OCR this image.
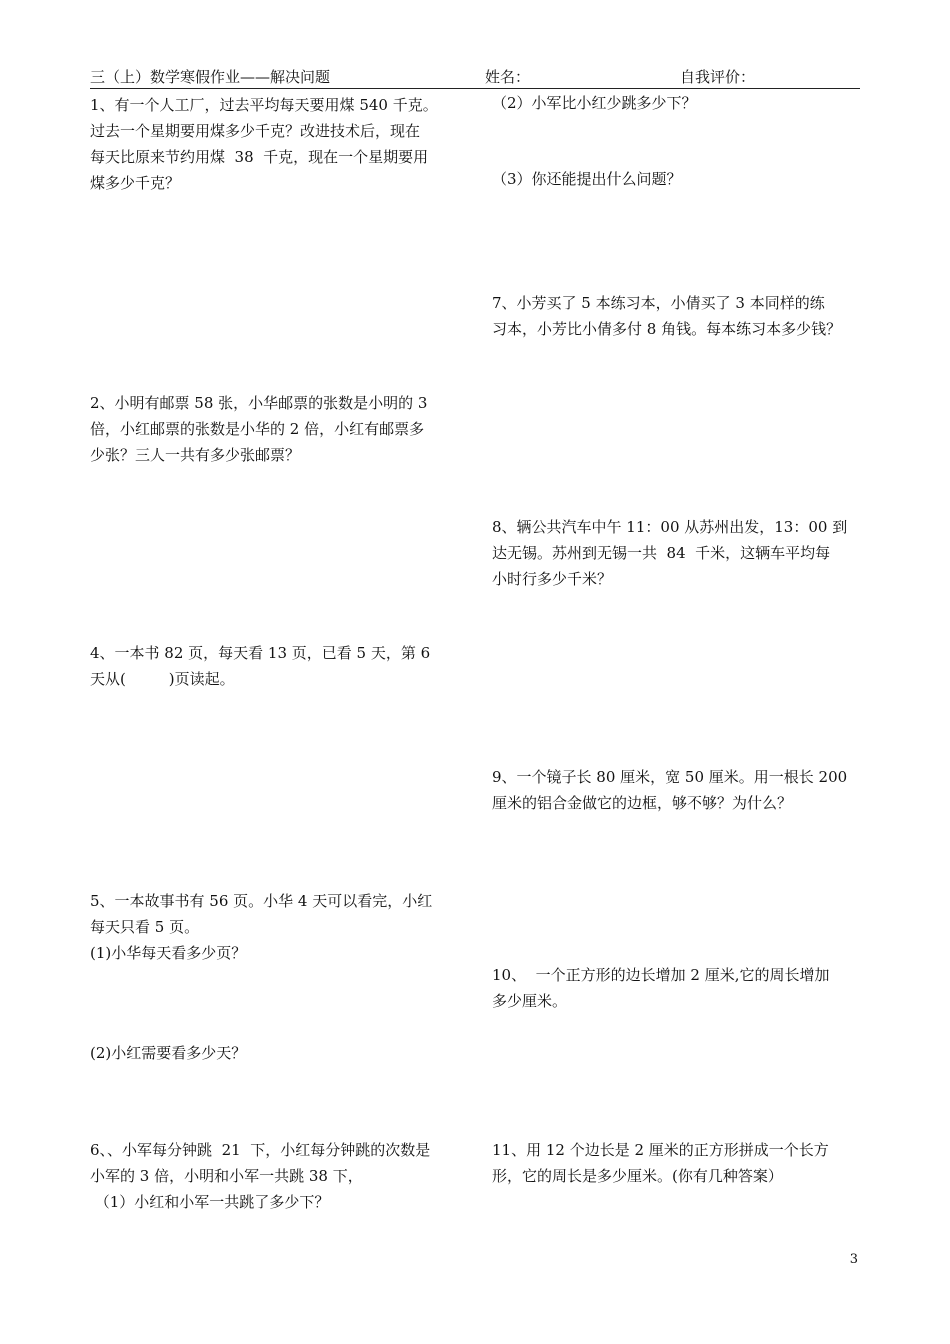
三（上）数学寒假作业——解决问题	姓名：	自我评价：
1、有一个人工厂，过去平均每天要用煤 540 千克。
过去一个星期要用煤多少千克？改进技术后，现在
每天比原来节约用煤  38  千克，现在一个星期要用
煤多少千克？
2、小明有邮票 58 张，小华邮票的张数是小明的 3
倍，小红邮票的张数是小华的 2 倍，小红有邮票多
少张？三人一共有多少张邮票？
4、一本书 82 页，每天看 13 页，已看 5 天，第 6
天从(         )页读起。
5、一本故事书有 56 页。小华 4 天可以看完，小红
每天只看 5 页。
(1)小华每天看多少页？
(2)小红需要看多少天？
6、、小军每分钟跳  21  下，小红每分钟跳的次数是
小军的 3 倍，小明和小军一共跳 38 下，
（1）小红和小军一共跳了多少下？
（2）小军比小红少跳多少下？
（3）你还能提出什么问题？
7、小芳买了 5 本练习本，小倩买了 3 本同样的练
习本，小芳比小倩多付 8 角钱。每本练习本多少钱？
8、辆公共汽车中午 11：00 从苏州出发，13：00 到
达无锡。苏州到无锡一共  84  千米，这辆车平均每
小时行多少千米？
9、一个镜子长 80 厘米，宽 50 厘米。用一根长 200
厘米的铝合金做它的边框，够不够？为什么？
10、  一个正方形的边长增加 2 厘米,它的周长增加
多少厘米。
11、用 12 个边长是 2 厘米的正方形拼成一个长方
形，它的周长是多少厘米。(你有几种答案）
3
